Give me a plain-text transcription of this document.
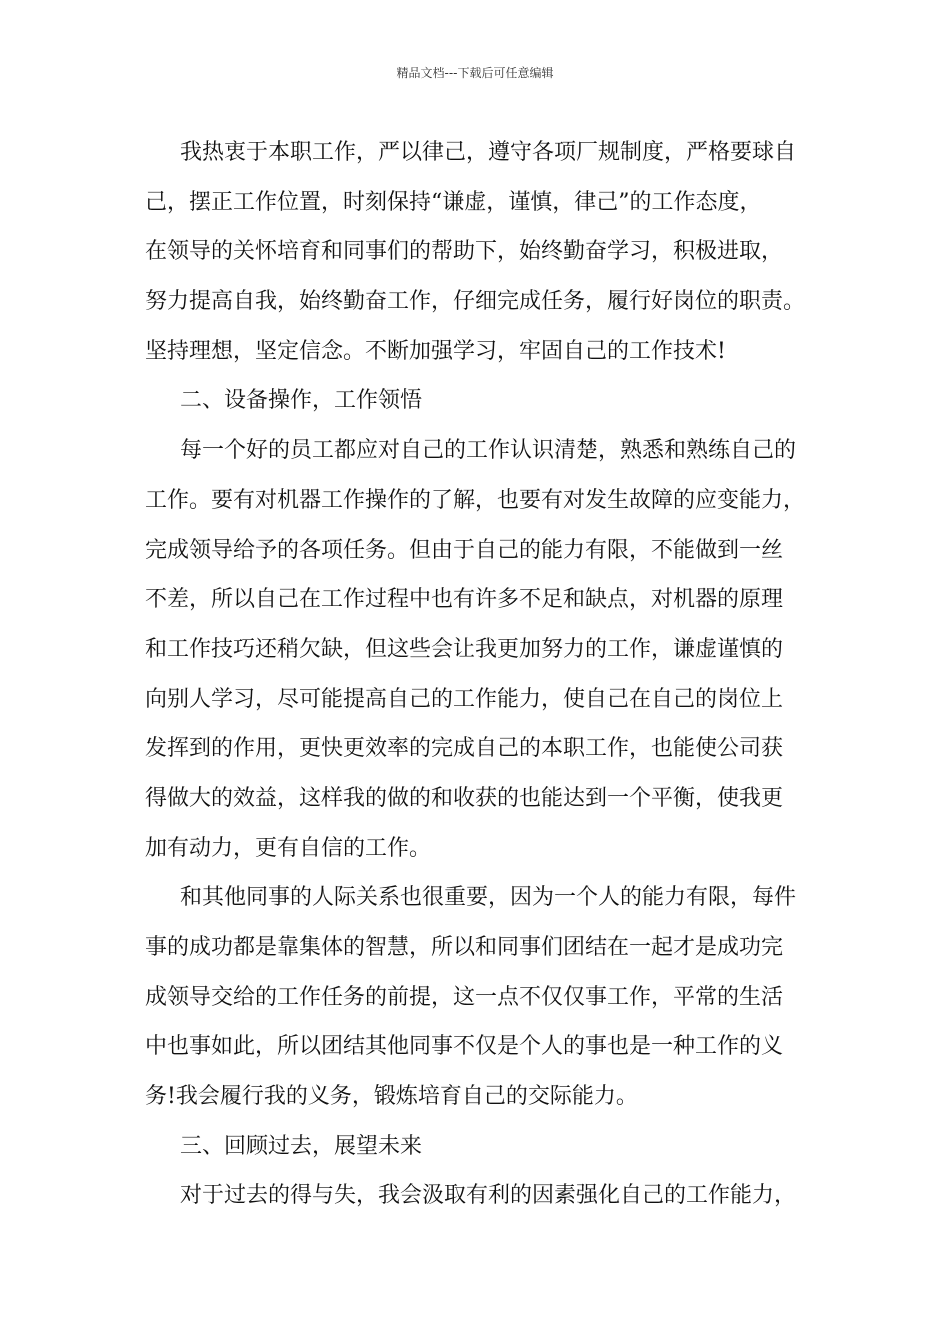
精品文档---下载后可任意编辑
我热衷于本职工作，严以律己，遵守各项厂规制度，严格要球自
己，摆正工作位置，时刻保持“谦虚，谨慎，律己”的工作态度，
在领导的关怀培育和同事们的帮助下，始终勤奋学习，积极进取，
努力提高自我，始终勤奋工作，仔细完成任务，履行好岗位的职责。
坚持理想，坚定信念。不断加强学习，牢固自己的工作技术!
二、设备操作，工作领悟
每一个好的员工都应对自己的工作认识清楚，熟悉和熟练自己的
工作。要有对机器工作操作的了解，也要有对发生故障的应变能力，
完成领导给予的各项任务。但由于自己的能力有限，不能做到一丝
不差，所以自己在工作过程中也有许多不足和缺点，对机器的原理
和工作技巧还稍欠缺，但这些会让我更加努力的工作，谦虚谨慎的
向别人学习，尽可能提高自己的工作能力，使自己在自己的岗位上
发挥到的作用，更快更效率的完成自己的本职工作，也能使公司获
得做大的效益，这样我的做的和收获的也能达到一个平衡，使我更
加有动力，更有自信的工作。
和其他同事的人际关系也很重要，因为一个人的能力有限，每件
事的成功都是靠集体的智慧，所以和同事们团结在一起才是成功完
成领导交给的工作任务的前提，这一点不仅仅事工作，平常的生活
中也事如此，所以团结其他同事不仅是个人的事也是一种工作的义
务!我会履行我的义务，锻炼培育自己的交际能力。
三、回顾过去，展望未来
对于过去的得与失，我会汲取有利的因素强化自己的工作能力，
